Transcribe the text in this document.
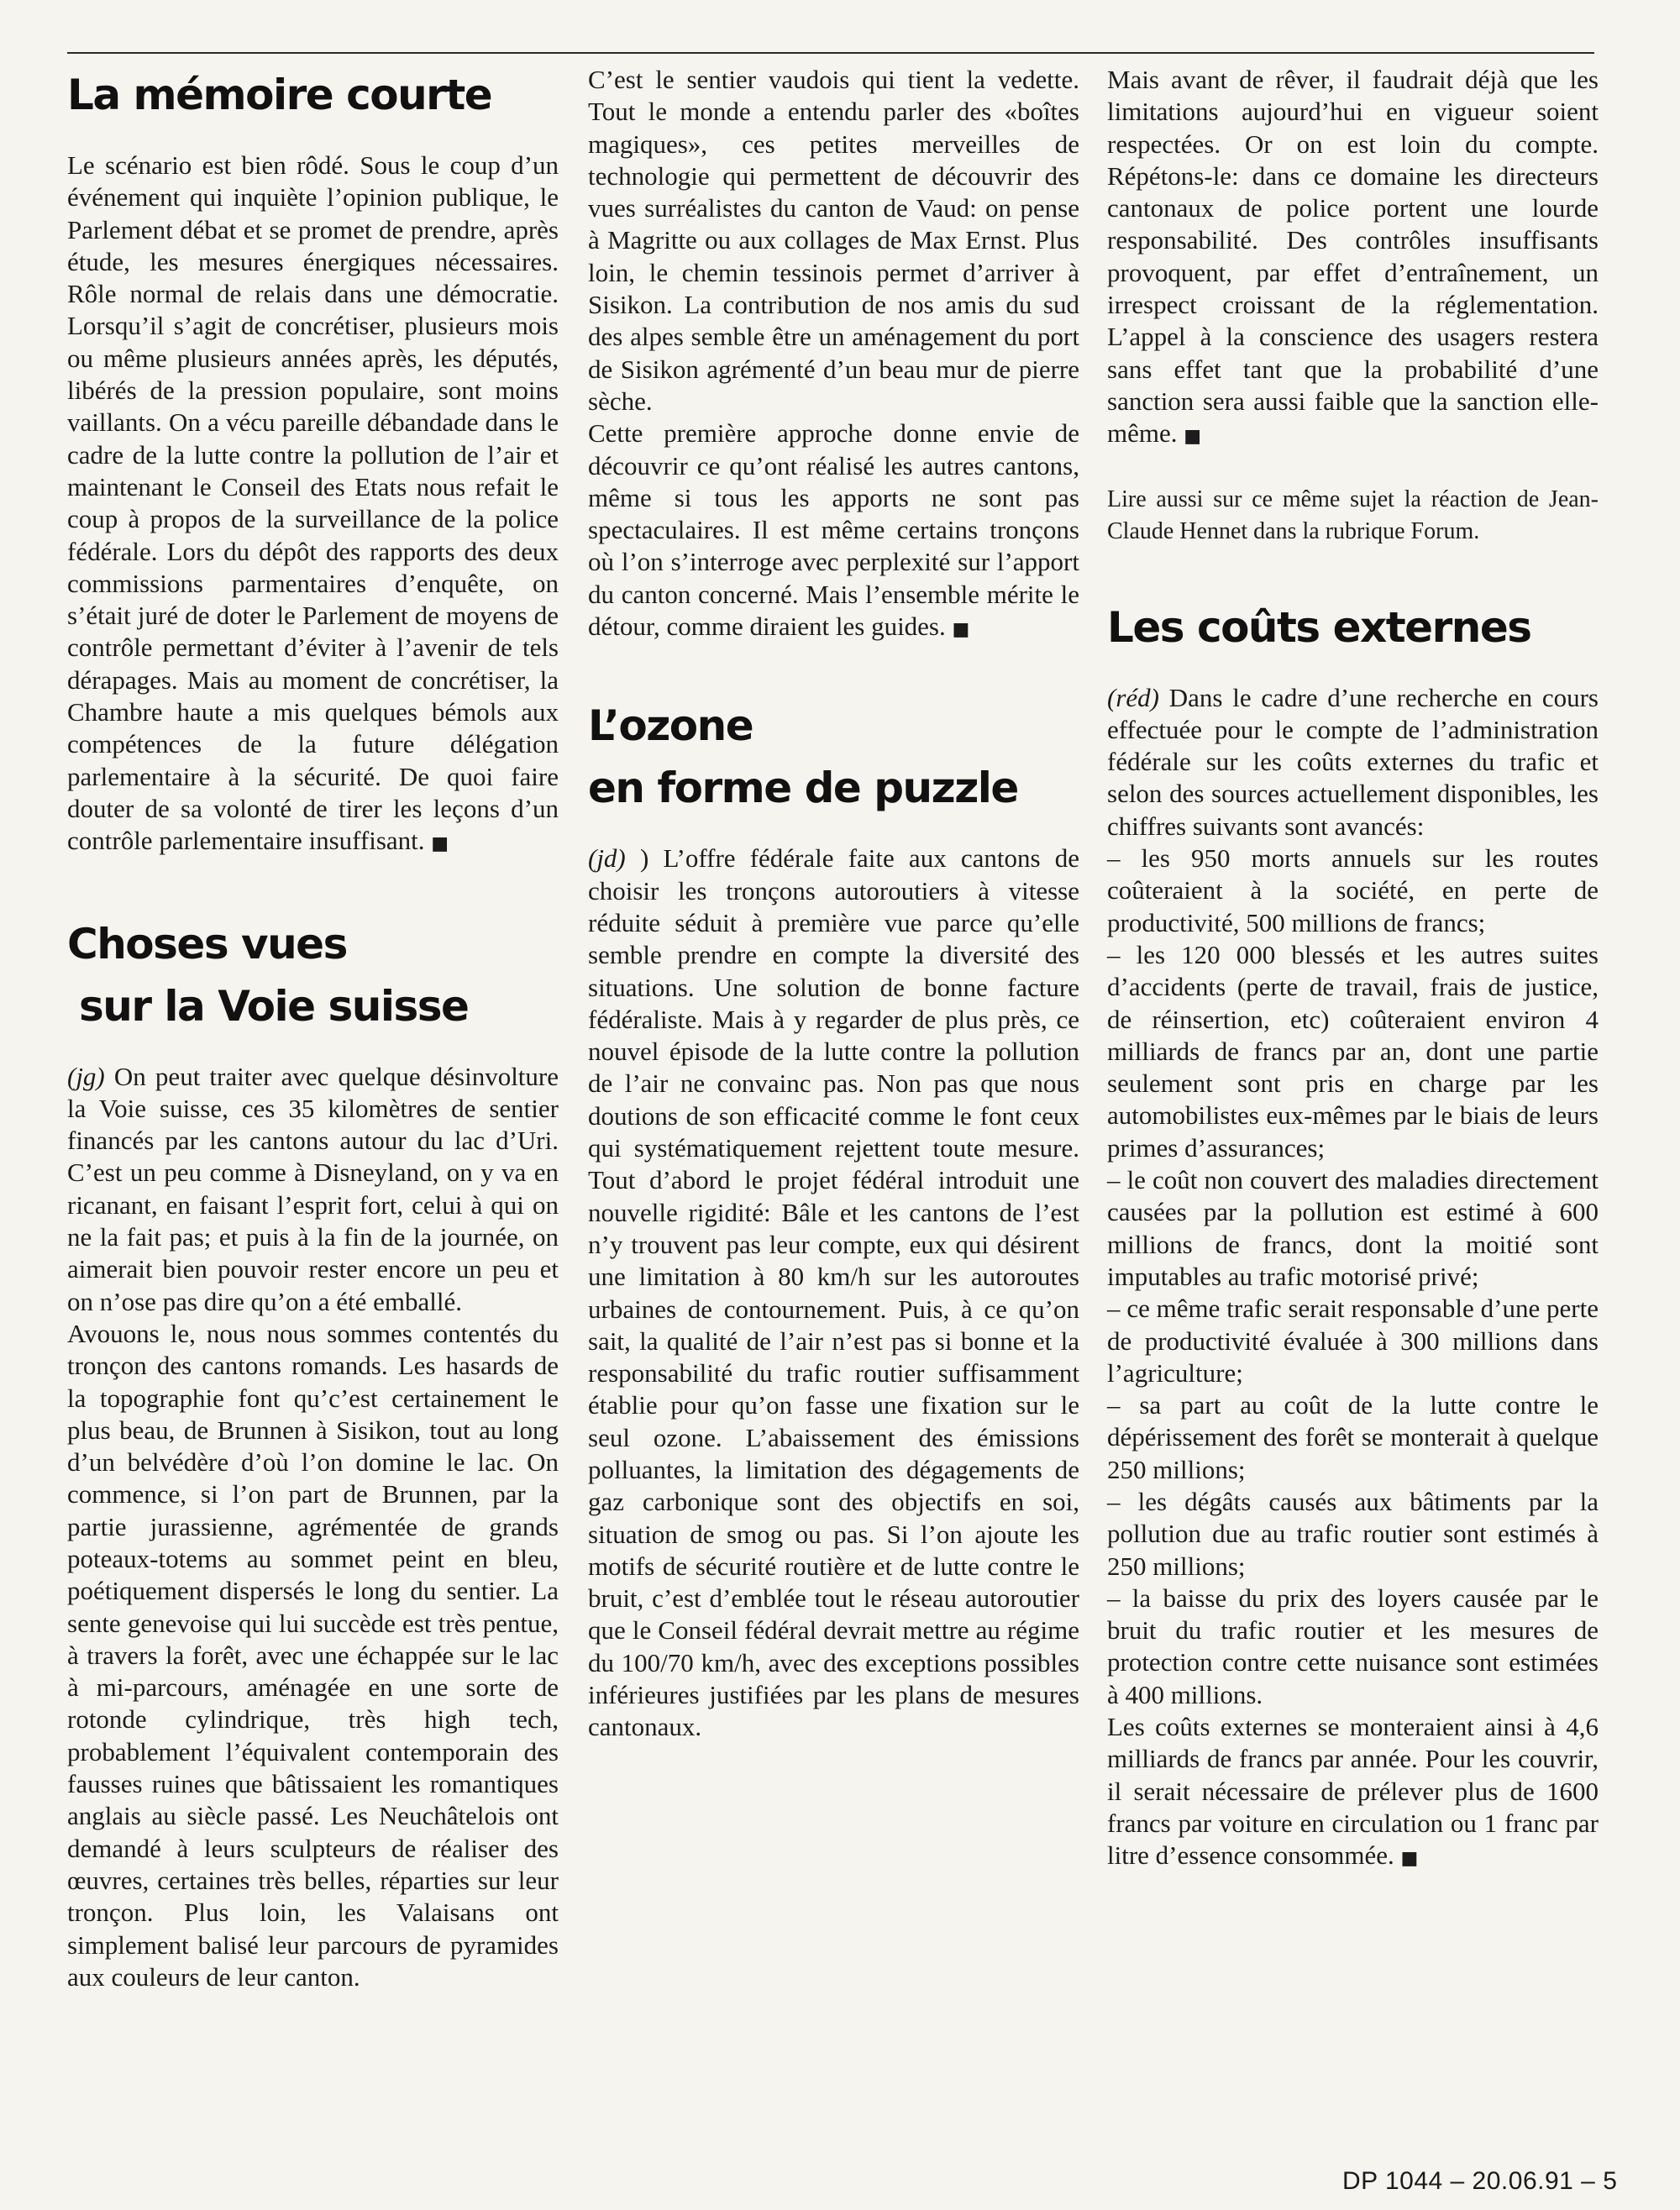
La mémoire courte

Le scénario est bien rôdé. Sous le coup d’un événement qui inquiète l’opinion publique, le Parlement débat et se promet de prendre, après étude, les mesures énergiques nécessaires. Rôle normal de relais dans une démocratie. Lorsqu’il s’agit de concrétiser, plusieurs mois ou même plusieurs années après, les députés, libérés de la pression populaire, sont moins vaillants. On a vécu pareille débandade dans le cadre de la lutte contre la pollution de l’air et maintenant le Conseil des Etats nous refait le coup à propos de la surveillance de la police fédérale. Lors du dépôt des rapports des deux commissions parmentaires d’enquête, on s’était juré de doter le Parlement de moyens de contrôle permettant d’éviter à l’avenir de tels dérapages. Mais au moment de concrétiser, la Chambre haute a mis quelques bémols aux compétences de la future délégation parlementaire à la sécurité. De quoi faire douter de sa volonté de tirer les leçons d’un contrôle parlementaire insuffisant. ■

Choses vues
sur la Voie suisse

(jg) On peut traiter avec quelque désinvolture la Voie suisse, ces 35 kilomètres de sentier financés par les cantons autour du lac d’Uri. C’est un peu comme à Disneyland, on y va en ricanant, en faisant l’esprit fort, celui à qui on ne la fait pas; et puis à la fin de la journée, on aimerait bien pouvoir rester encore un peu et on n’ose pas dire qu’on a été emballé.

Avouons le, nous nous sommes contentés du tronçon des cantons romands. Les hasards de la topographie font qu’c’est certainement le plus beau, de Brunnen à Sisikon, tout au long d’un belvédère d’où l’on domine le lac. On commence, si l’on part de Brunnen, par la partie jurassienne, agrémentée de grands poteaux-totems au sommet peint en bleu, poétiquement dispersés le long du sentier. La sente genevoise qui lui succède est très pentue, à travers la forêt, avec une échappée sur le lac à mi-parcours, aménagée en une sorte de rotonde cylindrique, très high tech, probablement l’équivalent contemporain des fausses ruines que bâtissaient les romantiques anglais au siècle passé. Les Neuchâtelois ont demandé à leurs sculpteurs de réaliser des œuvres, certaines très belles, réparties sur leur tronçon. Plus loin, les Valaisans ont simplement balisé leur parcours de pyramides aux couleurs de leur canton.

C’est le sentier vaudois qui tient la vedette. Tout le monde a entendu parler des «boîtes magiques», ces petites merveilles de technologie qui permettent de découvrir des vues surréalistes du canton de Vaud: on pense à Magritte ou aux collages de Max Ernst. Plus loin, le chemin tessinois permet d’arriver à Sisikon. La contribution de nos amis du sud des alpes semble être un aménagement du port de Sisikon agrémenté d’un beau mur de pierre sèche.

Cette première approche donne envie de découvrir ce qu’ont réalisé les autres cantons, même si tous les apports ne sont pas spectaculaires. Il est même certains tronçons où l’on s’interroge avec perplexité sur l’apport du canton concerné. Mais l’ensemble mérite le détour, comme diraient les guides. ■

L’ozone
en forme de puzzle

(jd) ) L’offre fédérale faite aux cantons de choisir les tronçons autoroutiers à vitesse réduite séduit à première vue parce qu’elle semble prendre en compte la diversité des situations. Une solution de bonne facture fédéraliste. Mais à y regarder de plus près, ce nouvel épisode de la lutte contre la pollution de l’air ne convainc pas. Non pas que nous doutions de son efficacité comme le font ceux qui systématiquement rejettent toute mesure. Tout d’abord le projet fédéral introduit une nouvelle rigidité: Bâle et les cantons de l’est n’y trouvent pas leur compte, eux qui désirent une limitation à 80 km/h sur les autoroutes urbaines de contournement. Puis, à ce qu’on sait, la qualité de l’air n’est pas si bonne et la responsabilité du trafic routier suffisamment établie pour qu’on fasse une fixation sur le seul ozone. L’abaissement des émissions polluantes, la limitation des dégagements de gaz carbonique sont des objectifs en soi, situation de smog ou pas. Si l’on ajoute les motifs de sécurité routière et de lutte contre le bruit, c’est d’emblée tout le réseau autoroutier que le Conseil fédéral devrait mettre au régime du 100/70 km/h, avec des exceptions possibles inférieures justifiées par les plans de mesures cantonaux.

Mais avant de rêver, il faudrait déjà que les limitations aujourd’hui en vigueur soient respectées. Or on est loin du compte. Répétons-le: dans ce domaine les directeurs cantonaux de police portent une lourde responsabilité. Des contrôles insuffisants provoquent, par effet d’entraînement, un irrespect croissant de la réglementation. L’appel à la conscience des usagers restera sans effet tant que la probabilité d’une sanction sera aussi faible que la sanction elle-même. ■

Lire aussi sur ce même sujet la réaction de Jean-Claude Hennet dans la rubrique Forum.

Les coûts externes

(réd) Dans le cadre d’une recherche en cours effectuée pour le compte de l’administration fédérale sur les coûts externes du trafic et selon des sources actuellement disponibles, les chiffres suivants sont avancés:

– les 950 morts annuels sur les routes coûteraient à la société, en perte de productivité, 500 millions de francs;

– les 120 000 blessés et les autres suites d’accidents (perte de travail, frais de justice, de réinsertion, etc) coûteraient environ 4 milliards de francs par an, dont une partie seulement sont pris en charge par les automobilistes eux-mêmes par le biais de leurs primes d’assurances;

– le coût non couvert des maladies directement causées par la pollution est estimé à 600 millions de francs, dont la moitié sont imputables au trafic motorisé privé;

– ce même trafic serait responsable d’une perte de productivité évaluée à 300 millions dans l’agriculture;

– sa part au coût de la lutte contre le dépérissement des forêt se monterait à quelque 250 millions;

– les dégâts causés aux bâtiments par la pollution due au trafic routier sont estimés à 250 millions;

– la baisse du prix des loyers causée par le bruit du trafic routier et les mesures de protection contre cette nuisance sont estimées à 400 millions.

Les coûts externes se monteraient ainsi à 4,6 milliards de francs par année. Pour les couvrir, il serait nécessaire de prélever plus de 1600 francs par voiture en circulation ou 1 franc par litre d’essence consommée. ■

DP 1044 – 20.06.91 – 5
